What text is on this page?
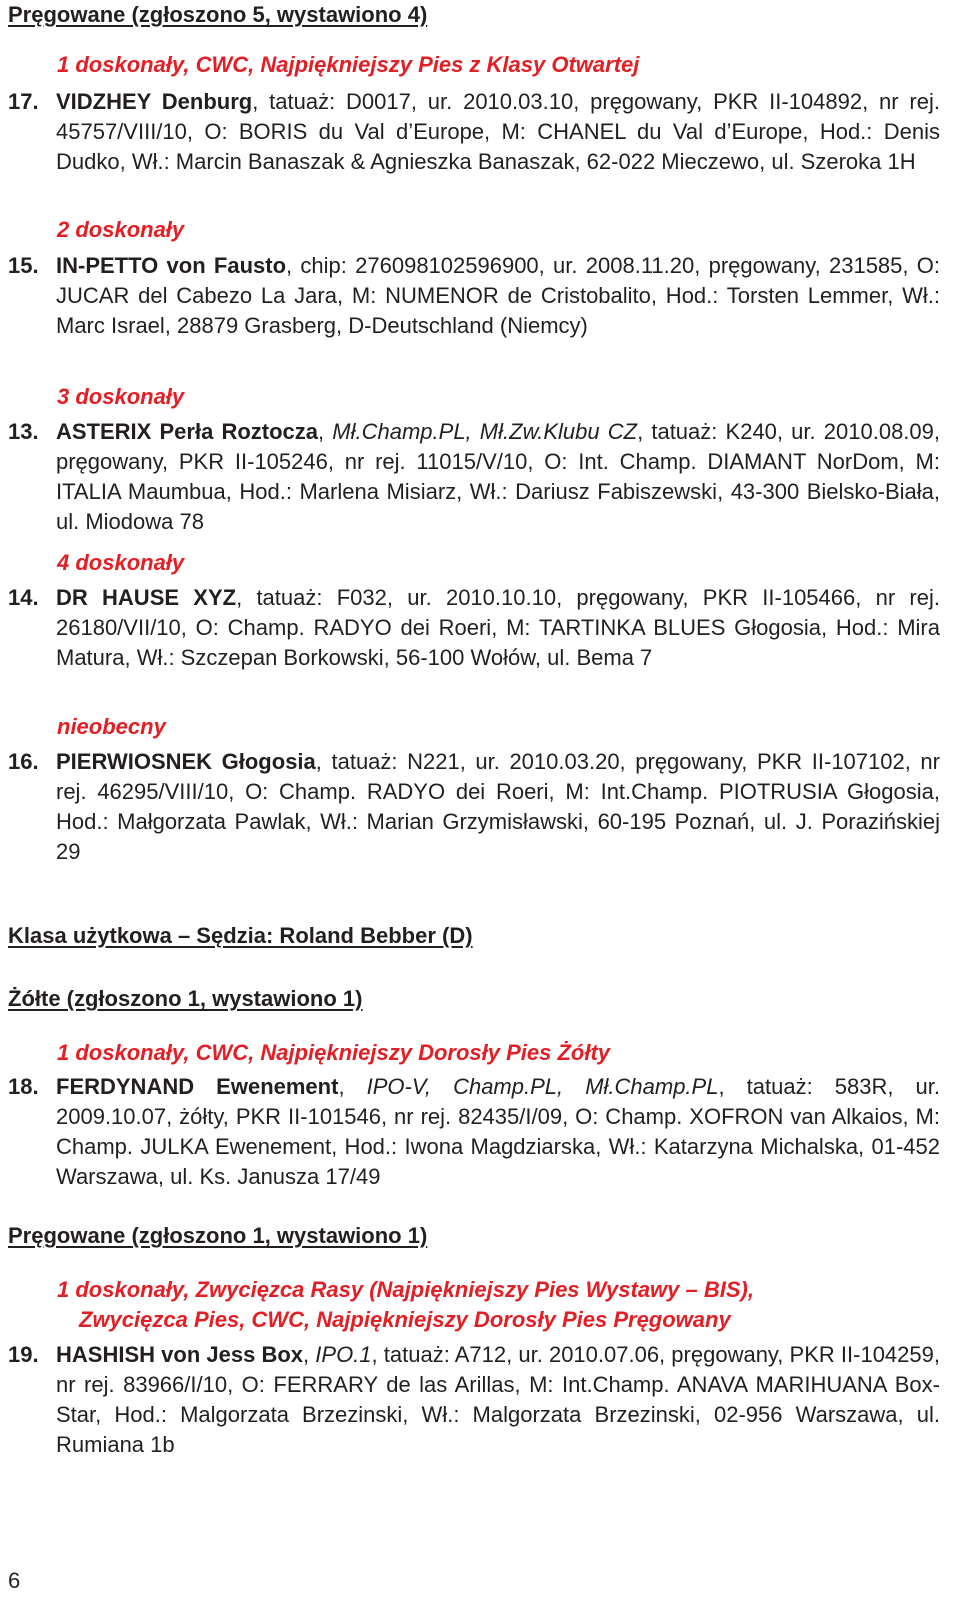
Pręgowane (zgłoszono 5, wystawiono 4)

1 doskonały, CWC, Najpiękniejszy Pies z Klasy Otwartej

17. VIDZHEY Denburg, tatuaż: D0017, ur. 2010.03.10, pręgowany, PKR II-104892, nr rej. 45757/VIII/10, O: BORIS du Val d’Europe, M: CHANEL du Val d’Europe, Hod.: Denis Dudko, Wł.: Marcin Banaszak & Agnieszka Banaszak, 62-022 Mieczewo, ul. Szeroka 1H

2 doskonały

15. IN-PETTO von Fausto, chip: 276098102596900, ur. 2008.11.20, pręgowany, 231585, O: JUCAR del Cabezo La Jara, M: NUMENOR de Cristobalito, Hod.: Torsten Lemmer, Wł.: Marc Israel, 28879 Grasberg, D-Deutschland (Niemcy)

3 doskonały

13. ASTERIX Perła Roztocza, Mł.Champ.PL, Mł.Zw.Klubu CZ, tatuaż: K240, ur. 2010.08.09, pręgowany, PKR II-105246, nr rej. 11015/V/10, O: Int. Champ. DIAMANT NorDom, M: ITALIA Maumbua, Hod.: Marlena Misiarz, Wł.: Dariusz Fabiszewski, 43-300 Bielsko-Biała, ul. Miodowa 78

4 doskonały

14. DR HAUSE XYZ, tatuaż: F032, ur. 2010.10.10, pręgowany, PKR II-105466, nr rej. 26180/VII/10, O: Champ. RADYO dei Roeri, M: TARTINKA BLUES Głogosia, Hod.: Mira Matura, Wł.: Szczepan Borkowski, 56-100 Wołów, ul. Bema 7

nieobecny

16. PIERWIOSNEK Głogosia, tatuaż: N221, ur. 2010.03.20, pręgowany, PKR II-107102, nr rej. 46295/VIII/10, O: Champ. RADYO dei Roeri, M: Int.Champ. PIOTRUSIA Głogosia, Hod.: Małgorzata Pawlak, Wł.: Marian Grzymisławski, 60-195 Poznań, ul. J. Porazińskiej 29
Klasa użytkowa – Sędzia: Roland Bebber (D)
Żółte (zgłoszono 1, wystawiono 1)

1 doskonały, CWC, Najpiękniejszy Dorosły Pies Żółty

18. FERDYNAND Ewenement, IPO-V, Champ.PL, Mł.Champ.PL, tatuaż: 583R, ur. 2009.10.07, żółty, PKR II-101546, nr rej. 82435/I/09, O: Champ. XOFRON van Alkaios, M: Champ. JULKA Ewenement, Hod.: Iwona Magdziarska, Wł.: Katarzyna Michalska, 01-452 Warszawa, ul. Ks. Janusza 17/49
Pręgowane (zgłoszono 1, wystawiono 1)

1 doskonały, Zwycięzca Rasy (Najpiękniejszy Pies Wystawy – BIS),
Zwycięzca Pies, CWC, Najpiękniejszy Dorosły Pies Pręgowany

19. HASHISH von Jess Box, IPO.1, tatuaż: A712, ur. 2010.07.06, pręgowany, PKR II-104259, nr rej. 83966/I/10, O: FERRARY de las Arillas, M: Int.Champ. ANAVA MARIHUANA Box-Star, Hod.: Malgorzata Brzezinski, Wł.: Malgorzata Brzezinski, 02-956 Warszawa, ul. Rumiana 1b

6
